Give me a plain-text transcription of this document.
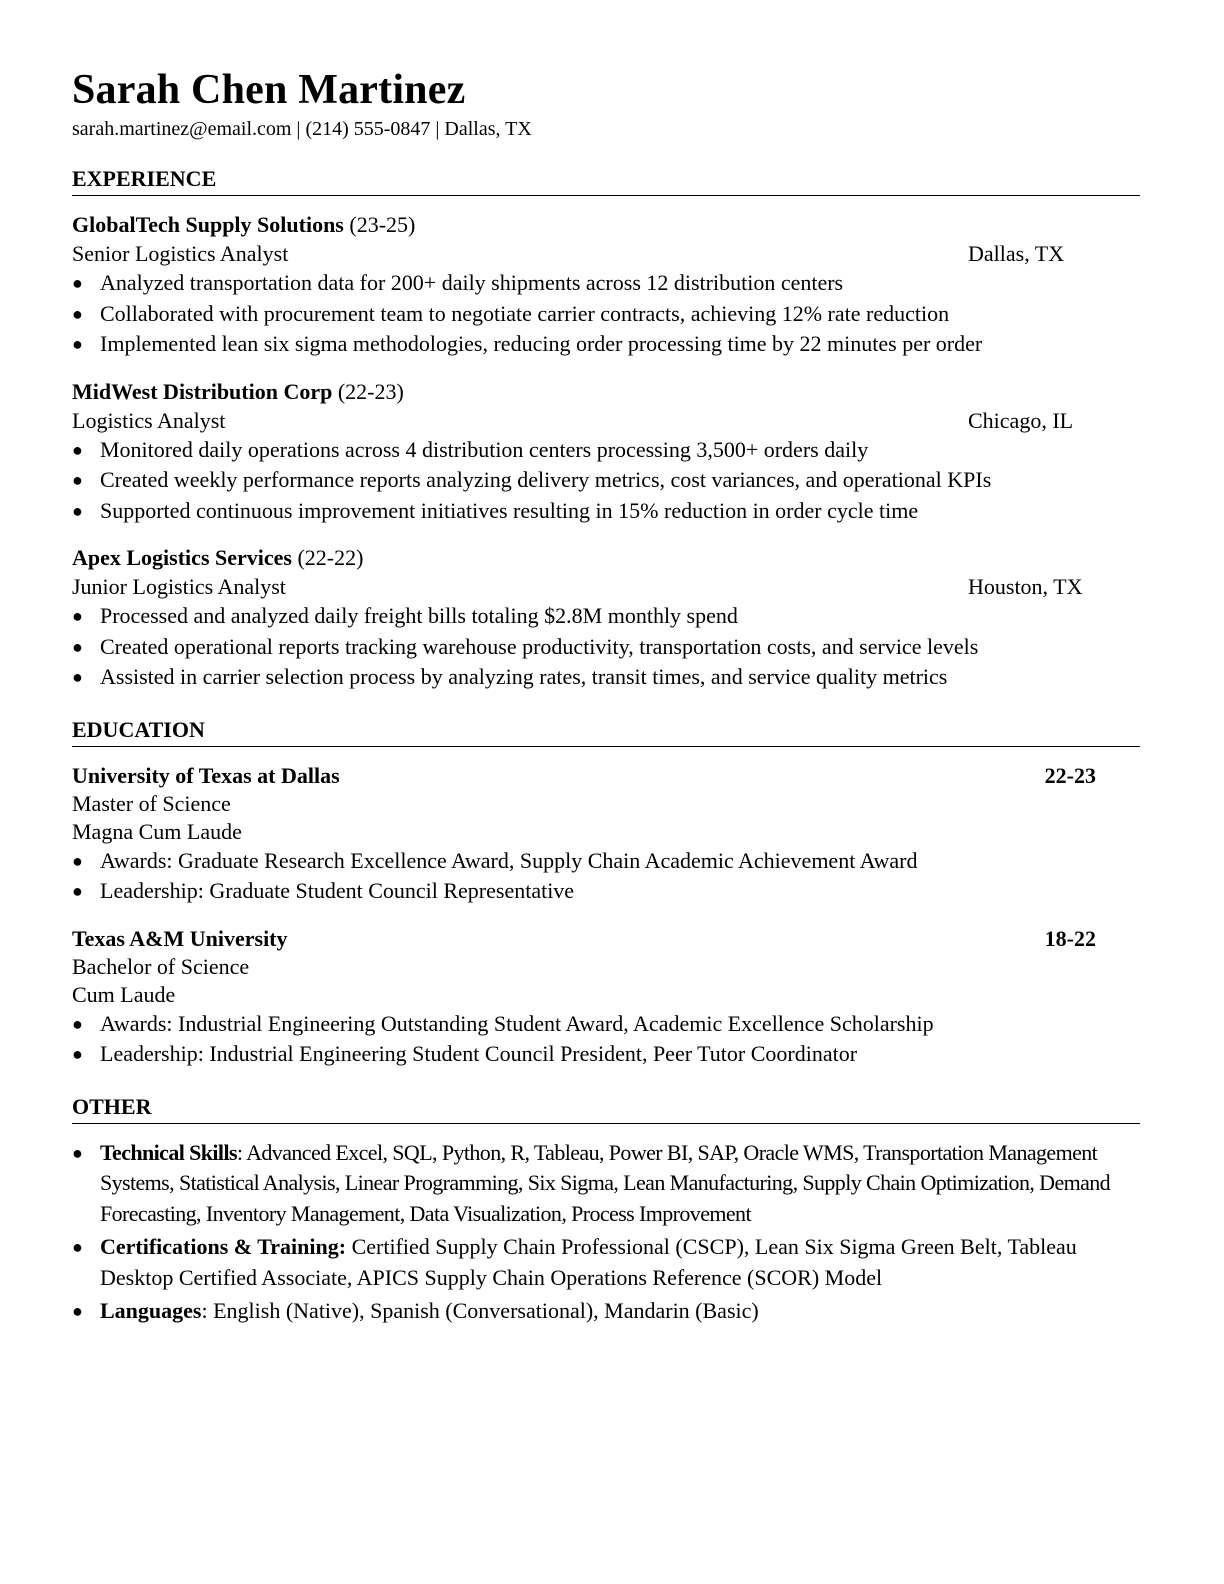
Sarah Chen Martinez
sarah.martinez@email.com | (214) 555-0847 | Dallas, TX
EXPERIENCE
GlobalTech Supply Solutions (23-25)
Senior Logistics Analyst	Dallas, TX
● Analyzed transportation data for 200+ daily shipments across 12 distribution centers
● Collaborated with procurement team to negotiate carrier contracts, achieving 12% rate reduction
● Implemented lean six sigma methodologies, reducing order processing time by 22 minutes per order
MidWest Distribution Corp (22-23)
Logistics Analyst	Chicago, IL
● Monitored daily operations across 4 distribution centers processing 3,500+ orders daily
● Created weekly performance reports analyzing delivery metrics, cost variances, and operational KPIs
● Supported continuous improvement initiatives resulting in 15% reduction in order cycle time
Apex Logistics Services (22-22)
Junior Logistics Analyst	Houston, TX
● Processed and analyzed daily freight bills totaling $2.8M monthly spend
● Created operational reports tracking warehouse productivity, transportation costs, and service levels
● Assisted in carrier selection process by analyzing rates, transit times, and service quality metrics
EDUCATION
University of Texas at Dallas	22-23
Master of Science
Magna Cum Laude
● Awards: Graduate Research Excellence Award, Supply Chain Academic Achievement Award
● Leadership: Graduate Student Council Representative
Texas A&M University	18-22
Bachelor of Science
Cum Laude
● Awards: Industrial Engineering Outstanding Student Award, Academic Excellence Scholarship
● Leadership: Industrial Engineering Student Council President, Peer Tutor Coordinator
OTHER
● Technical Skills: Advanced Excel, SQL, Python, R, Tableau, Power BI, SAP, Oracle WMS, Transportation Management Systems, Statistical Analysis, Linear Programming, Six Sigma, Lean Manufacturing, Supply Chain Optimization, Demand Forecasting, Inventory Management, Data Visualization, Process Improvement
● Certifications & Training: Certified Supply Chain Professional (CSCP), Lean Six Sigma Green Belt, Tableau Desktop Certified Associate, APICS Supply Chain Operations Reference (SCOR) Model
● Languages: English (Native), Spanish (Conversational), Mandarin (Basic)
